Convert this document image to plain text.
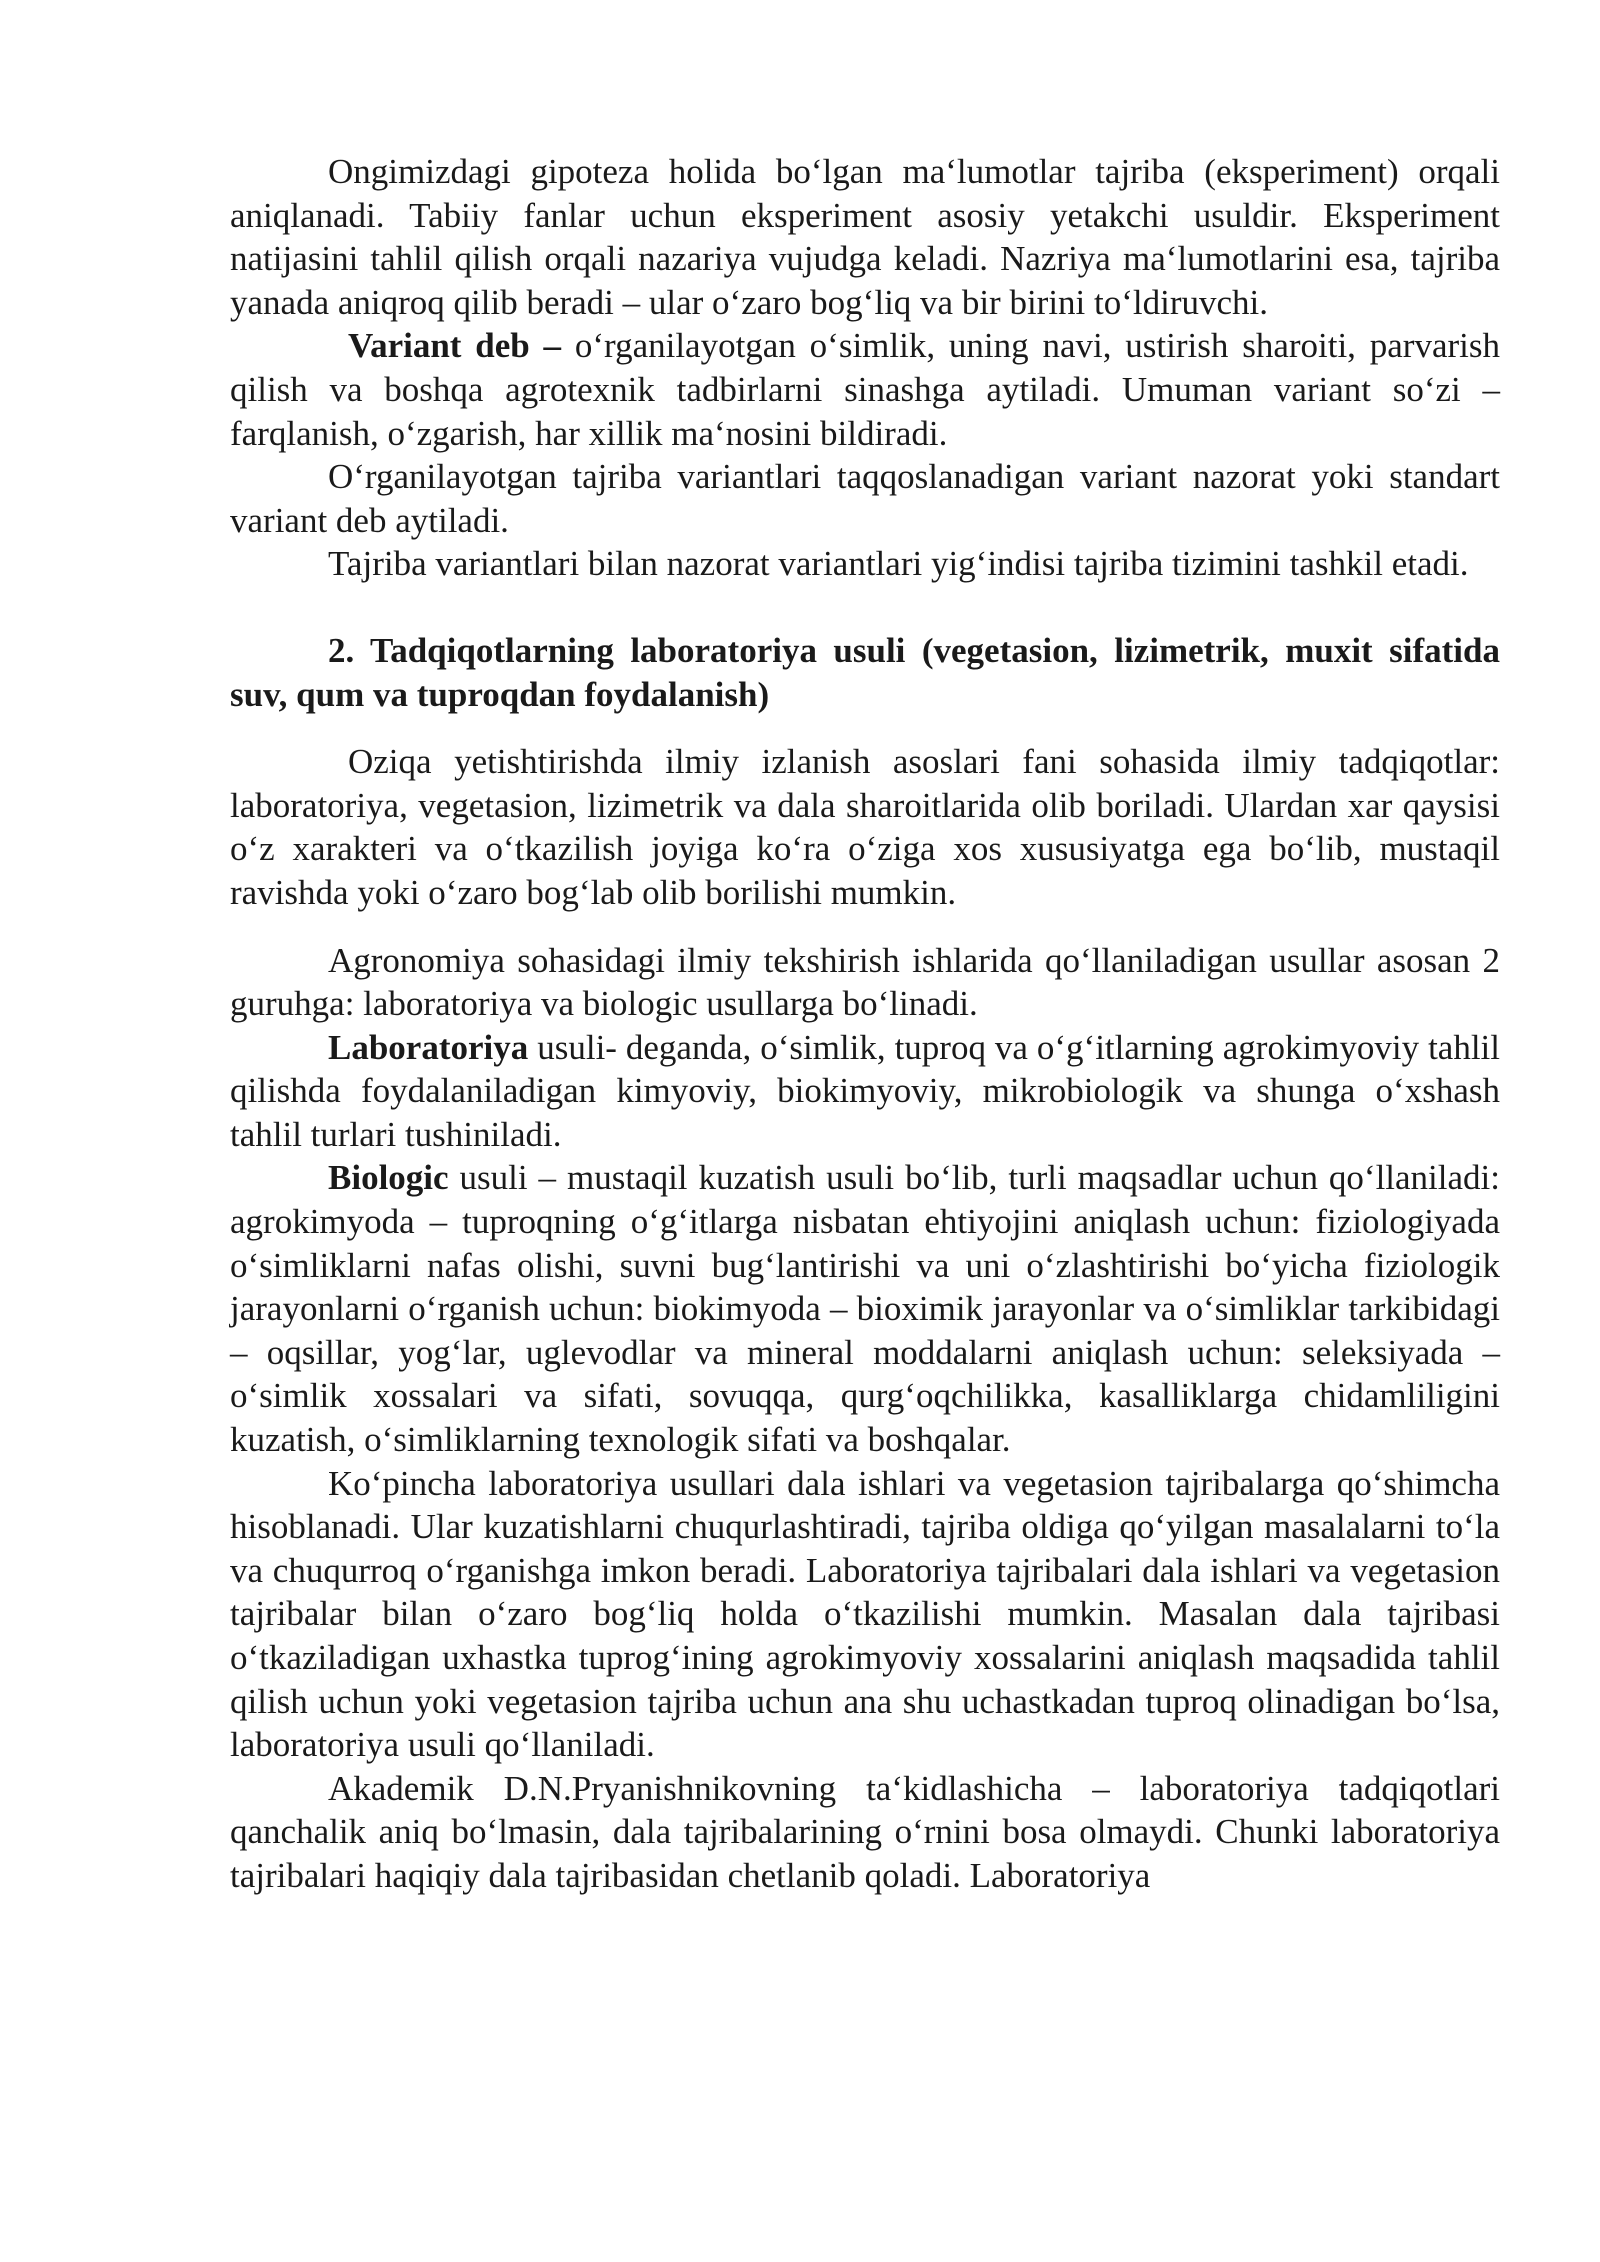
Ongimizdagi gipoteza holida bo‘lgan ma‘lumotlar tajriba (eksperiment) orqali aniqlanadi. Tabiiy fanlar uchun eksperiment asosiy yetakchi usuldir. Eksperiment natijasini tahlil qilish orqali nazariya vujudga keladi. Nazriya ma‘lumotlarini esa, tajriba yanada aniqroq qilib beradi – ular o‘zaro bog‘liq va bir birini to‘ldiruvchi.

Variant deb – o‘rganilayotgan o‘simlik, uning navi, ustirish sharoiti, parvarish qilish va boshqa agrotexnik tadbirlarni sinashga aytiladi. Umuman variant so‘zi – farqlanish, o‘zgarish, har xillik ma‘nosini bildiradi.

O‘rganilayotgan tajriba variantlari taqqoslanadigan variant nazorat yoki standart variant deb aytiladi.

Tajriba variantlari bilan nazorat variantlari yig‘indisi tajriba tizimini tashkil etadi.

2. Tadqiqotlarning laboratoriya usuli (vegetasion, lizimetrik, muxit sifatida suv, qum va tuproqdan foydalanish)

Oziqa yetishtirishda ilmiy izlanish asoslari fani sohasida ilmiy tadqiqotlar: laboratoriya, vegetasion, lizimetrik va dala sharoitlarida olib boriladi. Ulardan xar qaysisi o‘z xarakteri va o‘tkazilish joyiga ko‘ra o‘ziga xos xususiyatga ega bo‘lib, mustaqil ravishda yoki o‘zaro bog‘lab olib borilishi mumkin.

Agronomiya sohasidagi ilmiy tekshirish ishlarida qo‘llaniladigan usullar asosan 2 guruhga: laboratoriya va biologic usullarga bo‘linadi.

Laboratoriya usuli- deganda, o‘simlik, tuproq va o‘g‘itlarning agrokimyoviy tahlil qilishda foydalaniladigan kimyoviy, biokimyoviy, mikrobiologik va shunga o‘xshash tahlil turlari tushiniladi.

Biologic usuli – mustaqil kuzatish usuli bo‘lib, turli maqsadlar uchun qo‘llaniladi: agrokimyoda – tuproqning o‘g‘itlarga nisbatan ehtiyojini aniqlash uchun: fiziologiyada o‘simliklarni nafas olishi, suvni bug‘lantirishi va uni o‘zlashtirishi bo‘yicha fiziologik jarayonlarni o‘rganish uchun: biokimyoda – bioximik jarayonlar va o‘simliklar tarkibidagi – oqsillar, yog‘lar, uglevodlar va mineral moddalarni aniqlash uchun: seleksiyada – o‘simlik xossalari va sifati, sovuqqa, qurg‘oqchilikka, kasalliklarga chidamliligini kuzatish, o‘simliklarning texnologik sifati va boshqalar.

Ko‘pincha laboratoriya usullari dala ishlari va vegetasion tajribalarga qo‘shimcha hisoblanadi. Ular kuzatishlarni chuqurlashtiradi, tajriba oldiga qo‘yilgan masalalarni to‘la va chuqurroq o‘rganishga imkon beradi. Laboratoriya tajribalari dala ishlari va vegetasion tajribalar bilan o‘zaro bog‘liq holda o‘tkazilishi mumkin. Masalan dala tajribasi o‘tkaziladigan uxhastka tuprog‘ining agrokimyoviy xossalarini aniqlash maqsadida tahlil qilish uchun yoki vegetasion tajriba uchun ana shu uchastkadan tuproq olinadigan bo‘lsa, laboratoriya usuli qo‘llaniladi.

Akademik D.N.Pryanishnikovning ta‘kidlashicha – laboratoriya tadqiqotlari qanchalik aniq bo‘lmasin, dala tajribalarining o‘rnini bosa olmaydi. Chunki laboratoriya tajribalari haqiqiy dala tajribasidan chetlanib qoladi. Laboratoriya
